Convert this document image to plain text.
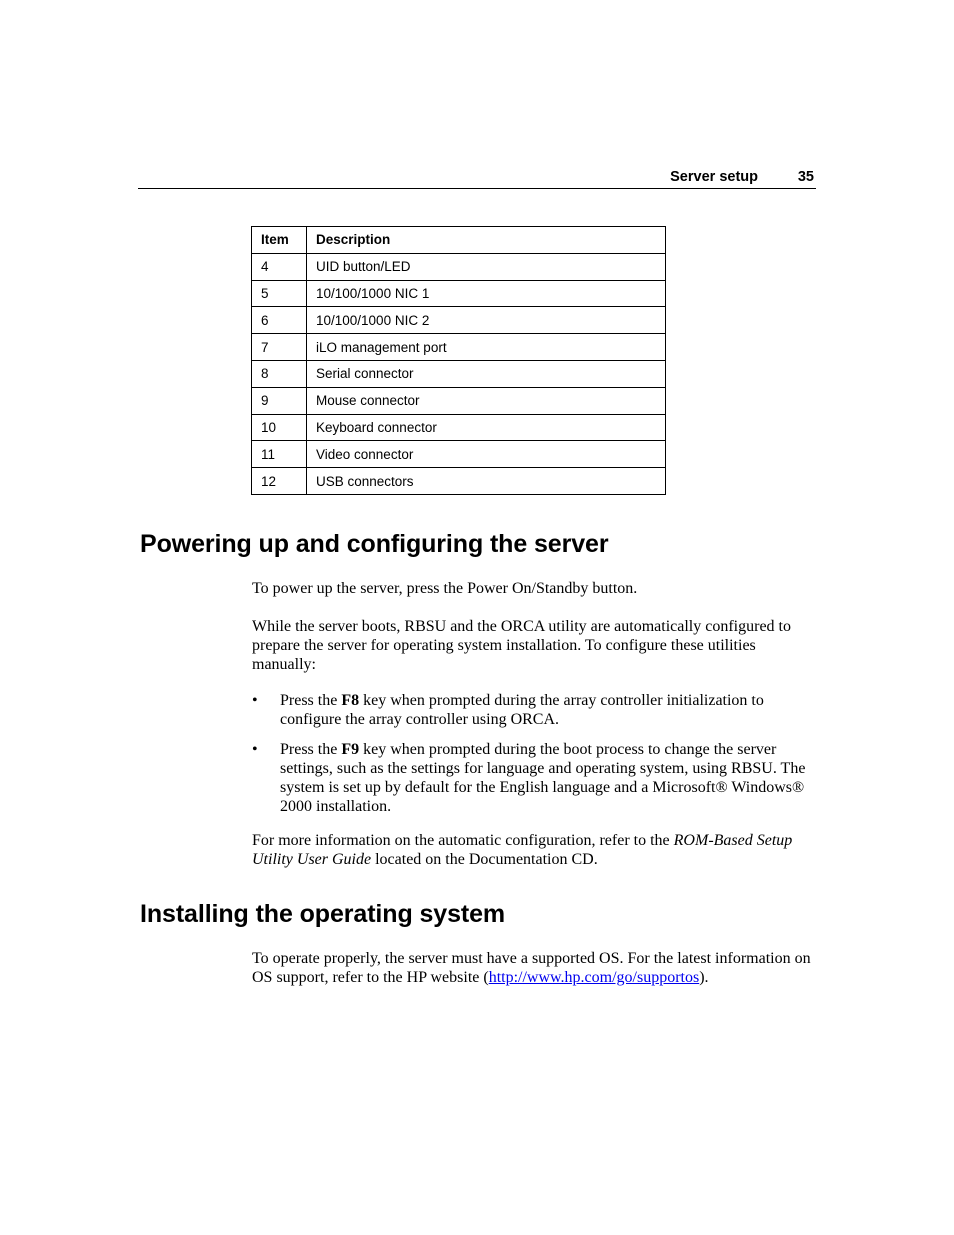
Server setup	35
Item	Description
4	UID button/LED
5	10/100/1000 NIC 1
6	10/100/1000 NIC 2
7	iLO management port
8	Serial connector
9	Mouse connector
10	Keyboard connector
11	Video connector
12	USB connectors
Powering up and configuring the server

To power up the server, press the Power On/Standby button.

While the server boots, RBSU and the ORCA utility are automatically configured to prepare the server for operating system installation. To configure these utilities manually:

• Press the F8 key when prompted during the array controller initialization to configure the array controller using ORCA.

• Press the F9 key when prompted during the boot process to change the server settings, such as the settings for language and operating system, using RBSU. The system is set up by default for the English language and a Microsoft® Windows® 2000 installation.

For more information on the automatic configuration, refer to the ROM-Based Setup Utility User Guide located on the Documentation CD.

Installing the operating system

To operate properly, the server must have a supported OS. For the latest information on OS support, refer to the HP website (http://www.hp.com/go/supportos).
